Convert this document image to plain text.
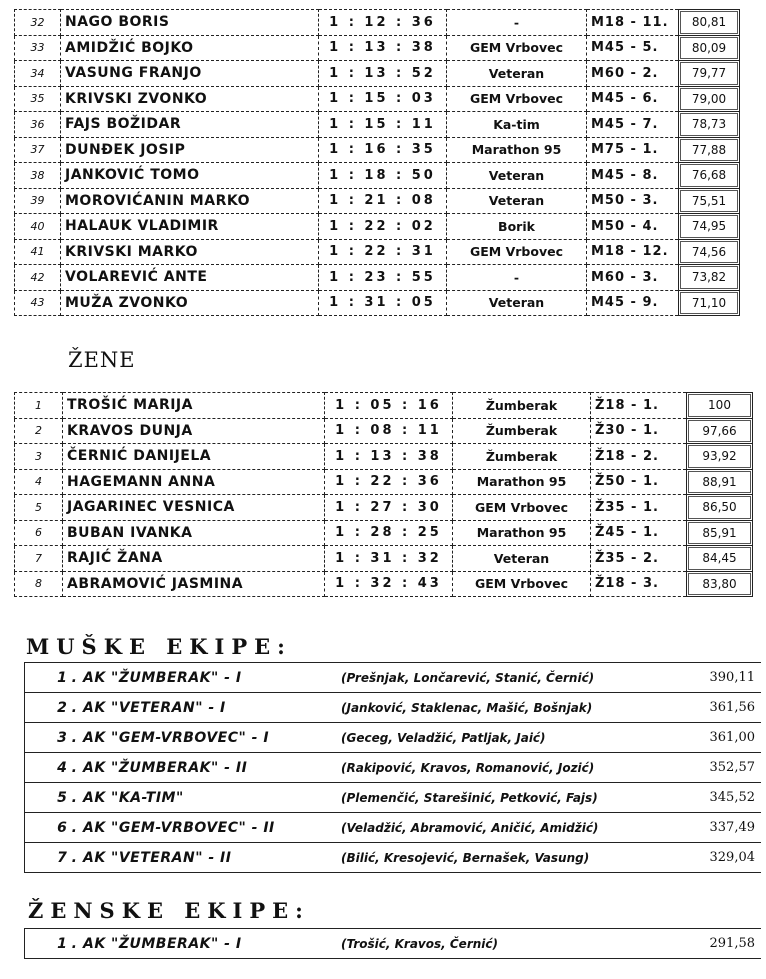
32	NAGO BORIS	1 : 12 : 36	-	M18 - 11.	80,81
33	AMIDŽIĆ BOJKO	1 : 13 : 38	GEM Vrbovec	M45 - 5.	80,09
34	VASUNG FRANJO	1 : 13 : 52	Veteran	M60 - 2.	79,77
35	KRIVSKI ZVONKO	1 : 15 : 03	GEM Vrbovec	M45 - 6.	79,00
36	FAJS BOŽIDAR	1 : 15 : 11	Ka-tim	M45 - 7.	78,73
37	DUNĐEK JOSIP	1 : 16 : 35	Marathon 95	M75 - 1.	77,88
38	JANKOVIĆ TOMO	1 : 18 : 50	Veteran	M45 - 8.	76,68
39	MOROVIĆANIN MARKO	1 : 21 : 08	Veteran	M50 - 3.	75,51
40	HALAUK VLADIMIR	1 : 22 : 02	Borik	M50 - 4.	74,95
41	KRIVSKI MARKO	1 : 22 : 31	GEM Vrbovec	M18 - 12.	74,56
42	VOLAREVIĆ ANTE	1 : 23 : 55	-	M60 - 3.	73,82
43	MUŽA ZVONKO	1 : 31 : 05	Veteran	M45 - 9.	71,10
ŽENE
1	TROŠIĆ MARIJA	1 : 05 : 16	Žumberak	Ž18 - 1.	100
2	KRAVOS DUNJA	1 : 08 : 11	Žumberak	Ž30 - 1.	97,66
3	ČERNIĆ DANIJELA	1 : 13 : 38	Žumberak	Ž18 - 2.	93,92
4	HAGEMANN ANNA	1 : 22 : 36	Marathon 95	Ž50 - 1.	88,91
5	JAGARINEC VESNICA	1 : 27 : 30	GEM Vrbovec	Ž35 - 1.	86,50
6	BUBAN IVANKA	1 : 28 : 25	Marathon 95	Ž45 - 1.	85,91
7	RAJIĆ ŽANA	1 : 31 : 32	Veteran	Ž35 - 2.	84,45
8	ABRAMOVIĆ JASMINA	1 : 32 : 43	GEM Vrbovec	Ž18 - 3.	83,80
MUŠKE EKIPE:
1 . AK "ŽUMBERAK" - I	(Prešnjak, Lončarević, Stanić, Černić)	390,11
2 . AK "VETERAN" - I	(Janković, Staklenac, Mašić, Bošnjak)	361,56
3 . AK "GEM-VRBOVEC" - I	(Geceg, Veladžić, Patljak, Jaić)	361,00
4 . AK "ŽUMBERAK" - II	(Rakipović, Kravos, Romanović, Jozić)	352,57
5 . AK "KA-TIM"	(Plemenčić, Starešinić, Petković, Fajs)	345,52
6 . AK "GEM-VRBOVEC" - II	(Veladžić, Abramović, Aničić, Amidžić)	337,49
7 . AK "VETERAN" - II	(Bilić, Kresojević, Bernašek, Vasung)	329,04
ŽENSKE EKIPE:
1 . AK "ŽUMBERAK" - I	(Trošić, Kravos, Černić)	291,58
